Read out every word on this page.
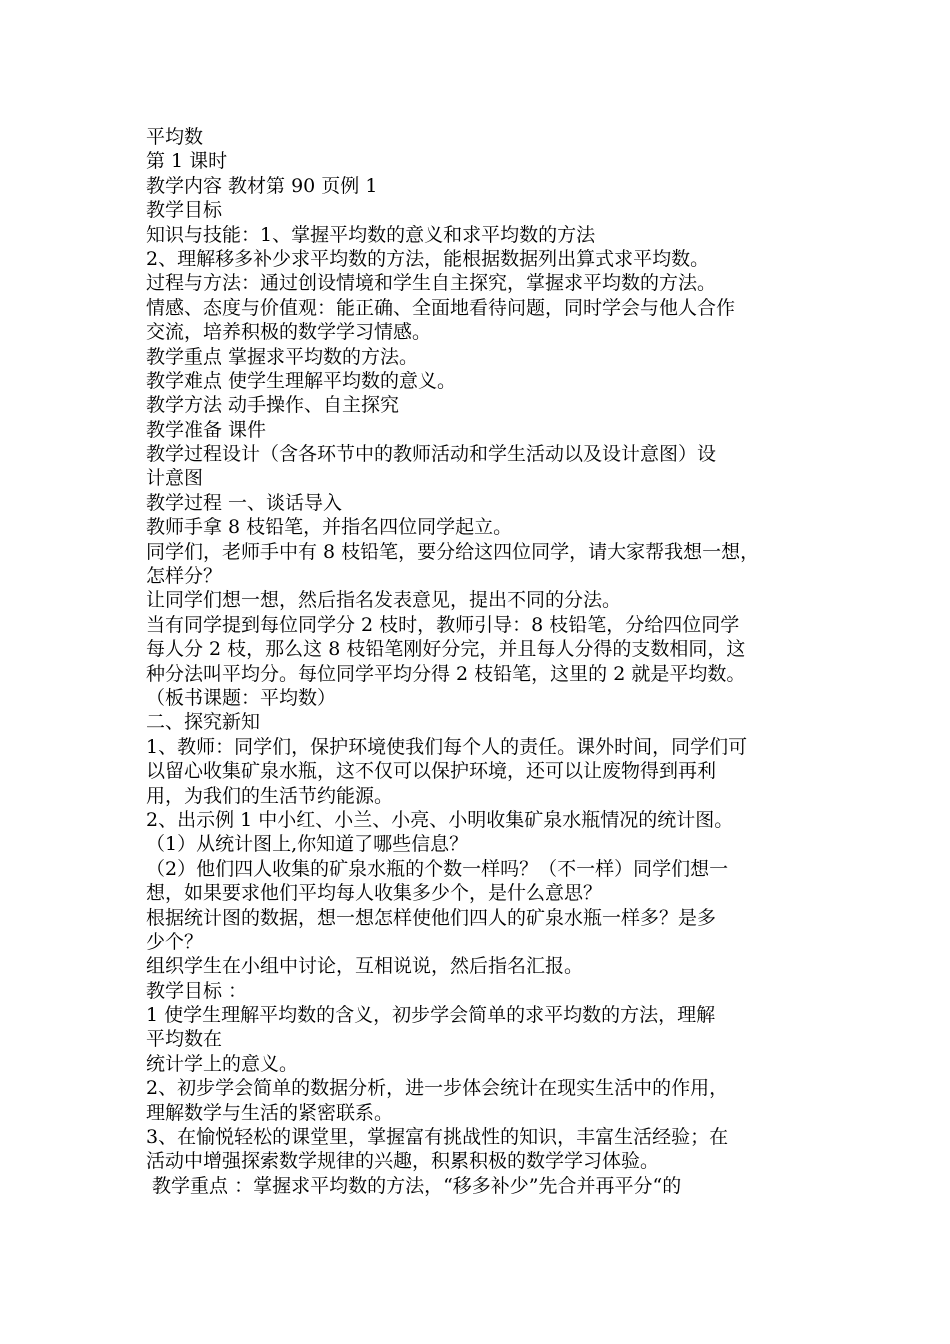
平均数
第 1 课时
教学内容 教材第 90 页例 1
教学目标
知识与技能：1、掌握平均数的意义和求平均数的方法
2、理解移多补少求平均数的方法，能根据数据列出算式求平均数。
过程与方法：通过创设情境和学生自主探究，掌握求平均数的方法。
情感、态度与价值观：能正确、全面地看待问题，同时学会与他人合作
交流，培养积极的数学学习情感。
教学重点 掌握求平均数的方法。
教学难点 使学生理解平均数的意义。
教学方法 动手操作、自主探究
教学准备 课件
教学过程设计（含各环节中的教师活动和学生活动以及设计意图）设
计意图
教学过程 一、谈话导入
教师手拿 8 枝铅笔，并指名四位同学起立。
同学们，老师手中有 8 枝铅笔，要分给这四位同学，请大家帮我想一想，
怎样分？
让同学们想一想，然后指名发表意见，提出不同的分法。
当有同学提到每位同学分 2 枝时，教师引导：8 枝铅笔，分给四位同学
每人分 2 枝，那么这 8 枝铅笔刚好分完，并且每人分得的支数相同，这
种分法叫平均分。每位同学平均分得 2 枝铅笔，这里的 2 就是平均数。
（板书课题：平均数）
二、探究新知
1、教师：同学们，保护环境使我们每个人的责任。课外时间，同学们可
以留心收集矿泉水瓶，这不仅可以保护环境，还可以让废物得到再利
用，为我们的生活节约能源。
2、出示例 1 中小红、小兰、小亮、小明收集矿泉水瓶情况的统计图。
（1）从统计图上,你知道了哪些信息？
（2）他们四人收集的矿泉水瓶的个数一样吗？（不一样）同学们想一
想，如果要求他们平均每人收集多少个，是什么意思？
根据统计图的数据，想一想怎样使他们四人的矿泉水瓶一样多？是多
少个？
组织学生在小组中讨论，互相说说，然后指名汇报。
教学目标 ：
1 使学生理解平均数的含义，初步学会简单的求平均数的方法，理解
平均数在
统计学上的意义。
2、初步学会简单的数据分析，进一步体会统计在现实生活中的作用，
理解数学与生活的紧密联系。
3、在愉悦轻松的课堂里，掌握富有挑战性的知识，丰富生活经验；在
活动中增强探索数学规律的兴趣，积累积极的数学学习体验。
教学重点 ：掌握求平均数的方法，“移多补少”先合并再平分“的
